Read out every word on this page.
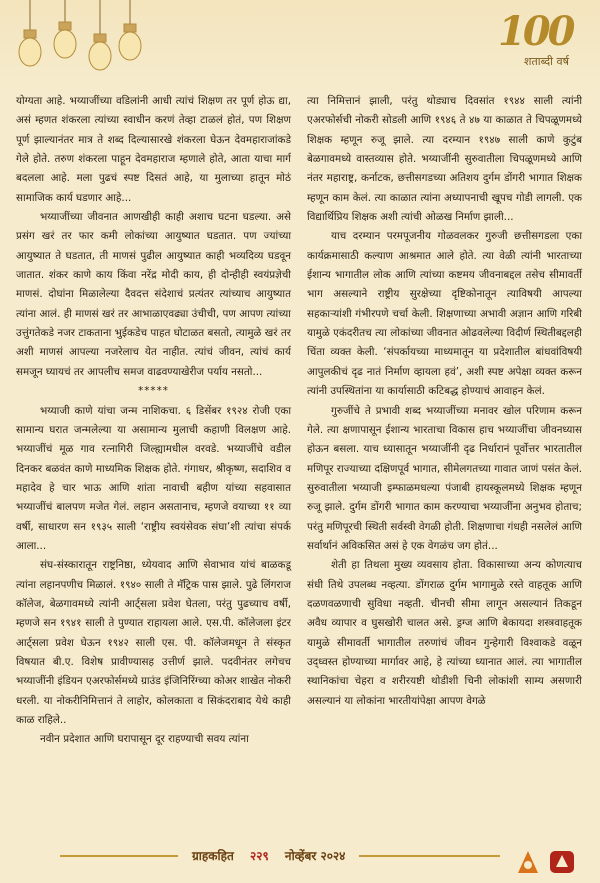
100
शताब्दी वर्ष

योग्यता आहे. भय्याजींच्या वडिलांनी आधी त्यांचं शिक्षण तर पूर्ण होऊ द्या, असं म्हणत शंकरला त्यांच्या स्वाधीन करणं तेव्हा टाळलं होतं, पण शिक्षण पूर्ण झाल्यानंतर मात्र ते शब्द दिल्यासारखे शंकरला घेऊन देवमहाराजांकडे गेले होते. तरुण शंकरला पाहून देवमहाराज म्हणाले होते, आता याचा मार्ग बदलला आहे. मला पुढचं स्पष्ट दिसतं आहे, या मुलाच्या हातून मोठं सामाजिक कार्य घडणार आहे...

भय्याजींच्या जीवनात आणखीही काही अशाच घटना घडल्या. असे प्रसंग खरं तर फार कमी लोकांच्या आयुष्यात घडतात. पण ज्यांच्या आयुष्यात ते घडतात, ती माणसं पुढील आयुष्यात काही भव्यदिव्य घडवून जातात. शंकर काणे काय किंवा नरेंद्र मोदी काय, ही दोन्हीही स्वयंप्रज्ञेची माणसं. दोघांना मिळालेल्या दैवदत्त संदेशाचं प्रत्यंतर त्यांच्याच आयुष्यात त्यांना आलं. ही माणसं खरं तर आभाळाएवढ्या उंचीची, पण आपण त्यांच्या उत्तुंगतेकडे नजर टाकताना भुईकडेच पाहत घोटाळत बसतो, त्यामुळे खरं तर अशी माणसं आपल्या नजरेलाच येत नाहीत. त्यांचं जीवन, त्यांचं कार्य समजून घ्यायचं तर आपलीच समज वाढवण्याखेरीज पर्याय नसतो...

*****

भय्याजी काणे यांचा जन्म नाशिकचा. ६ डिसेंबर १९२४ रोजी एका सामान्य घरात जन्मलेल्या या असामान्य मुलाची कहाणी विलक्षण आहे. भय्याजींचं मूळ गाव रत्नागिरी जिल्ह्यामधील वरवडे. भय्याजींचे वडील दिनकर बळवंत काणे माध्यमिक शिक्षक होते. गंगाधर, श्रीकृष्ण, सदाशिव व महादेव हे चार भाऊ आणि शांता नावाची बहीण यांच्या सहवासात भय्याजींचं बालपण मजेत गेलं. लहान असतानाच, म्हणजे वयाच्या ११ व्या वर्षी, साधारण सन १९३५ साली ‘राष्ट्रीय स्वयंसेवक संघा’शी त्यांचा संपर्क आला...

संघ-संस्कारातून राष्ट्रनिष्ठा, ध्येयवाद आणि सेवाभाव यांचं बाळकडू त्यांना लहानपणीच मिळालं. १९४० साली ते मॅट्रिक पास झाले. पुढे लिंगराज कॉलेज, बेळगावमध्ये त्यांनी आर्ट्सला प्रवेश घेतला, परंतु पुढच्याच वर्षी, म्हणजे सन १९४१ साली ते पुण्यात राहायला आले. एस.पी. कॉलेजला इंटर आर्ट्सला प्रवेश घेऊन १९४२ साली एस. पी. कॉलेजमधून ते संस्कृत विषयात बी.ए. विशेष प्रावीण्यासह उत्तीर्ण झाले. पदवीनंतर लगेचच भय्याजींनी इंडियन एअरफोर्समध्ये ग्राउंड इंजिनिरिंग्च्या कोअर शाखेत नोकरी धरली. या नोकरीनिमित्तानं ते लाहोर, कोलकाता व सिकंदराबाद येथे काही काळ राहिले..

नवीन प्रदेशात आणि घरापासून दूर राहण्याची सवय त्यांना

त्या निमित्तानं झाली, परंतु थोड्याच दिवसांत १९४४ साली त्यांनी एअरफोर्सची नोकरी सोडली आणि १९४६ ते ४७ या काळात ते चिपळूणमध्ये शिक्षक म्हणून रुजू झाले. त्या दरम्यान १९४७ साली काणे कुटुंब बेळगावमध्ये वास्तव्यास होते. भय्याजींनी सुरुवातीला चिपळूणमध्ये आणि नंतर महाराष्ट्र, कर्नाटक, छत्तीसगडच्या अतिशय दुर्गम डोंगरी भागात शिक्षक म्हणून काम केलं. त्या काळात त्यांना अध्यापनाची खूपच गोडी लागली. एक विद्यार्थिप्रिय शिक्षक अशी त्यांची ओळख निर्माण झाली...

याच दरम्यान परमपूजनीय गोळवलकर गुरुजी छत्तीसगडला एका कार्यक्रमासाठी कल्याण आश्रमात आले होते. त्या वेळी त्यांनी भारताच्या ईशान्य भागातील लोक आणि त्यांच्या कष्टमय जीवनाबद्दल तसेच सीमावर्ती भाग असल्याने राष्ट्रीय सुरक्षेच्या दृष्टिकोनातून त्याविषयी आपल्या सहकाऱ्यांशी गंभीरपणे चर्चा केली. शिक्षणाच्या अभावी अज्ञान आणि गरिबी यामुळे एकंदरीतच त्या लोकांच्या जीवनात ओढवलेल्या विदीर्ण स्थितीबद्दलही चिंता व्यक्त केली. ‘संपर्कायच्या माध्यमातून या प्रदेशातील बांधवांविषयी आपुलकीचं दृढ नातं निर्माण व्हायला हवं’, अशी स्पष्ट अपेक्षा व्यक्त करून त्यांनी उपस्थितांना या कार्यासाठी कटिबद्ध होण्याचं आवाहन केलं.

गुरुजींचे ते प्रभावी शब्द भय्याजींच्या मनावर खोल परिणाम करून गेले. त्या क्षणापासून ईशान्य भारताचा विकास हाच भय्याजींचा जीवनध्यास होऊन बसला. याच ध्यासातून भय्याजींनी दृढ निर्धारानं पूर्वोत्तर भारतातील मणिपूर राज्याच्या दक्षिणपूर्व भागात, सीमेलगतच्या गावात जाणं पसंत केलं. सुरुवातीला भय्याजी इम्फाळमधल्या पंजाबी हायस्कूलमध्ये शिक्षक म्हणून रुजू झाले. दुर्गम डोंगरी भागात काम करण्याचा भय्याजींना अनुभव होताच; परंतु मणिपूरची स्थिती सर्वस्वी वेगळी होती. शिक्षणाचा गंधही नसलेलं आणि सर्वार्थानं अविकसित असं हे एक वेगळंच जग होतं...

शेती हा तिथला मुख्य व्यवसाय होता. विकासाच्या अन्य कोणत्याच संधी तिथे उपलब्ध नव्हत्या. डोंगराळ दुर्गम भागामुळे रस्ते वाहतूक आणि दळणवळणाची सुविधा नव्हती. चीनची सीमा लागून असल्यानं तिकडून अवैध व्यापार व घुसखोरी चालत असे. ड्रग्ज आणि बेकायदा शस्त्रवाहतूक यामुळे सीमावर्ती भागातील तरुणांचं जीवन गुन्हेगारी विश्वाकडे वळून उद्ध्वस्त होण्याच्या मार्गावर आहे, हे त्यांच्या ध्यानात आलं. त्या भागातील स्थानिकांचा चेहरा व शरीरयष्टी थोडीशी चिनी लोकांशी साम्य असणारी असल्यानं या लोकांना भारतीयांपेक्षा आपण वेगळे

ग्राहकहित २२९ नोव्हेंबर २०२४
